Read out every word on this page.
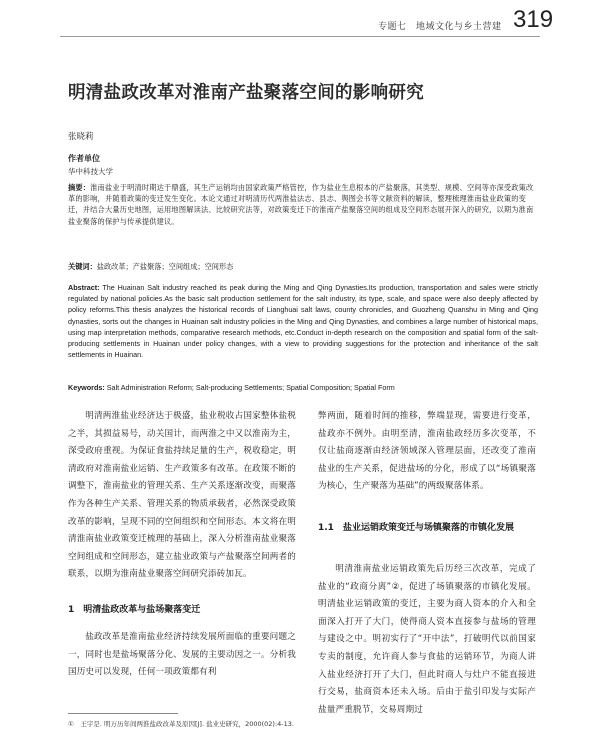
专题七　地域文化与乡土营建 319
明清盐政改革对淮南产盐聚落空间的影响研究
张晓莉
作者单位
华中科技大学
摘要：淮南盐业于明清时期达于鼎盛，其生产运销均由国家政策严格管控，作为盐业生息根本的产盐聚落，其类型、规模、空间等亦深受政策改革的影响，并随着政策的变迁发生变化。本论文通过对明清历代两淮盐法志、县志、舆图会书等文献资料的解读，整理梳理淮南盐业政策的变迁，并结合大量历史地图，运用地图解读法、比较研究法等，对政策变迁下的淮南产盐聚落空间的组成及空间形态展开深入的研究，以期为淮南盐业聚落的保护与传承提供建议。
关键词：盐政改革；产盐聚落；空间组成；空间形态
Abstract: The Huainan Salt industry reached its peak during the Ming and Qing Dynasties.Its production, transportation and sales were strictly regulated by national policies.As the basic salt production settlement for the salt industry, its type, scale, and space were also deeply affected by policy reforms.This thesis analyzes the historical records of Lianghuai salt laws, county chronicles, and Guozheng Quanshu in Ming and Qing dynasties, sorts out the changes in Huainan salt industry policies in the Ming and Qing Dynasties, and combines a large number of historical maps, using map interpretation methods, comparative research methods, etc.Conduct in-depth research on the composition and spatial form of the salt-producing settlements in Huainan under policy changes, with a view to providing suggestions for the protection and inheritance of the salt settlements in Huainan.
Keywords: Salt Administration Reform; Salt-producing Settlements; Spatial Composition; Spatial Form

明清两淮盐业经济达于极盛，盐业税收占国家整体盐税之半，其损益易号，动关国计，而两淮之中又以淮南为主，深受政府重视。为保证食盐持续足量的生产，税收稳定，明清政府对淮南盐业运销、生产政策多有改革。在政策不断的调整下，淮南盐业的管理关系、生产关系逐渐改变，而聚落作为各种生产关系、管理关系的物质承载者，必然深受政策改革的影响，呈现不同的空间组织和空间形态。本文将在明清淮南盐业政策变迁梳理的基础上，深入分析淮南盐业聚落空间组成和空间形态，建立盐业政策与产盐聚落空间两者的联系，以期为淮南盐业聚落空间研究添砖加瓦。

1　明清盐政改革与盐场聚落变迁

盐政改革是淮南盐业经济持续发展所面临的重要问题之一，同时也是盐场聚落分化、发展的主要动因之一。分析我国历史可以发现，任何一项政策都有利

弊两面，随着时间的推移，弊端显现，需要进行变革，盐政亦不例外。由明至清，淮南盐政经历多次变革，不仅让盐商逐渐由经济领域深入管理层面，还改变了淮南盐业的生产关系，促进盐场的分化，形成了以“场镇聚落为核心，生产聚落为基础”的两级聚落体系。

1.1　盐业运销政策变迁与场镇聚落的市镇化发展

明清淮南盐业运销政策先后历经三次改革，完成了盐业的“政商分离”②，促进了场镇聚落的市镇化发展。明清盐业运销政策的变迁，主要为商人资本的介入和全面深入打开了大门，使得商人资本直接参与盐场的管理与建设之中。明初实行了“开中法”，打破明代以前国家专卖的制度，允许商人参与食盐的运销环节，为商人讲入盐业经济打开了大门，但此时商人与灶户不能直接进行交易，盐商资本还未入场。后由于盐引印发与实际产盐量严重脱节，交易周期过

①　王宇是. 明万历年间两淮盐政改革及原因[J]. 盐业史研究，2000(02):4-13.
